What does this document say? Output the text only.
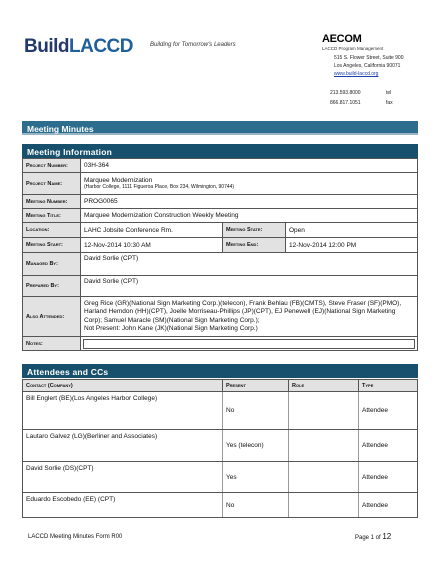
BuildLACCD	Building for Tomorrow's Leaders	AECOM
LACCD Program Management
515 S. Flower Street, Suite 900
Los Angeles, California 90071
www.build-laccd.org
213.593.8000	tel
866.817.1051	fax
Meeting Minutes
Meeting Information
Project Number:	03H-364		
Project Name:	Marquee Modernization
(Harbor College, 1111 Figueroa Place, Box 234, Wilmington, 90744)		

Meeting Number:	PROG0065		
Meeting Title:	Marquee Modernization Construction Weekly Meeting		
Location:	LAHC Jobsite Conference Rm.	Meeting State:	Open
Meeting Start:	12-Nov-2014 10:30 AM	Meeting End:	12-Nov-2014 12:00 PM
Managed By:	David Sorlie (CPT)		
Prepared By:	David Sorlie (CPT)		
Also Attended:	Greg Rice (GR)(National Sign Marketing Corp.)(telecon), Frank Behlau (FB)(CMTS), Steve Fraser (SF)(PMO), Harland Hemdon (HH)(CPT), Joelle Morriseau-Phillips (JP)(CPT), EJ Penewell (EJ)(National Sign Marketing Corp); Samuel Maracle (SM)(National Sign Marketing Corp.);
Not Present: John Kane (JK)(National Sign Marketing Corp.)		

Notes:			
Attendees and CCs
Contact (Company)	Present	Role	Type
Bill Englert (BE)(Los Angeles Harbor College)	No		Attendee
Lautaro Galvez (LG)(Berliner and Associates)	Yes (telecon)		Attendee
David Sorlie (DS)(CPT)	Yes		Attendee
Eduardo Escobedo (EE) (CPT)	No		Attendee
LACCD Meeting Minutes Form R00	Page 1 of 12
